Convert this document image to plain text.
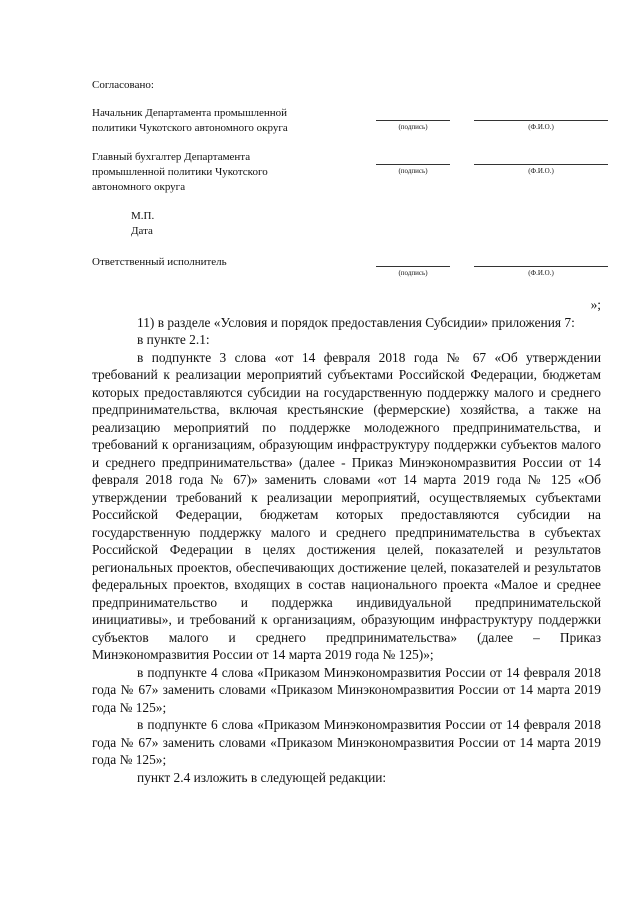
Согласовано:
Начальник Департамента промышленной
политики Чукотского автономного округа	(подпись)	(Ф.И.О.)
Главный бухгалтер Департамента
промышленной политики Чукотского
автономного округа
(подпись)	(Ф.И.О.)
М.П.
Дата
Ответственный исполнитель
(подпись)	(Ф.И.О.)

»;

11) в разделе «Условия и порядок предоставления Субсидии» приложения 7:

в пункте 2.1:

в подпункте 3 слова «от 14 февраля 2018 года № 67 «Об утверждении требований к реализации мероприятий субъектами Российской Федерации, бюджетам которых предоставляются субсидии на государственную поддержку малого и среднего предпринимательства, включая крестьянские (фермерские) хозяйства, а также на реализацию мероприятий по поддержке молодежного предпринимательства, и требований к организациям, образующим инфраструктуру поддержки субъектов малого и среднего предпринимательства» (далее - Приказ Минэкономразвития России от 14 февраля 2018 года № 67)» заменить словами «от 14 марта 2019 года № 125 «Об утверждении требований к реализации мероприятий, осуществляемых субъектами Российской Федерации, бюджетам которых предоставляются субсидии на государственную поддержку малого и среднего предпринимательства в субъектах Российской Федерации в целях достижения целей, показателей и результатов региональных проектов, обеспечивающих достижение целей, показателей и результатов федеральных проектов, входящих в состав национального проекта «Малое и среднее предпринимательство и поддержка индивидуальной предпринимательской инициативы», и требований к организациям, образующим инфраструктуру поддержки субъектов малого и среднего предпринимательства» (далее – Приказ Минэкономразвития России от 14 марта 2019 года № 125)»;

в подпункте 4 слова «Приказом Минэкономразвития России от 14 февраля 2018 года № 67» заменить словами «Приказом Минэкономразвития России от 14 марта 2019 года № 125»;

в подпункте 6 слова «Приказом Минэкономразвития России от 14 февраля 2018 года № 67» заменить словами «Приказом Минэкономразвития России от 14 марта 2019 года № 125»;

пункт 2.4 изложить в следующей редакции:
